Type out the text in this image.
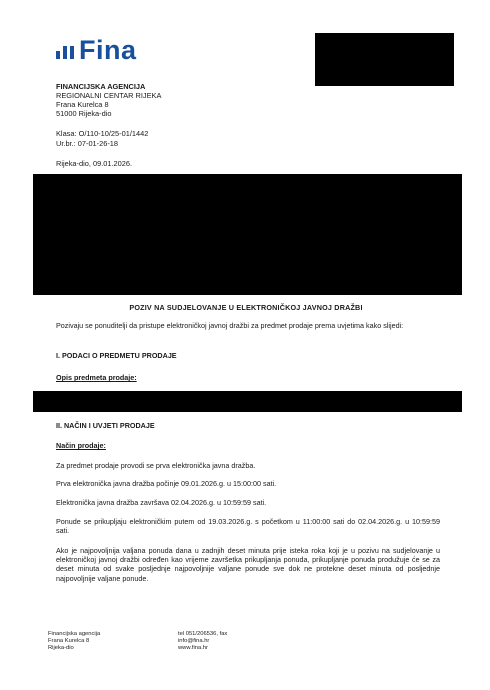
Fina
FINANCIJSKA AGENCIJA
REGIONALNI CENTAR RIJEKA
Frana Kurelca 8
51000 Rijeka-dio
Klasa: O/110-10/25-01/1442
Ur.br.: 07-01-26-18
Rijeka-dio, 09.01.2026.
POZIV NA SUDJELOVANJE U ELEKTRONIČKOJ JAVNOJ DRAŽBI
Pozivaju se ponuditelji da pristupe elektroničkoj javnoj dražbi za predmet prodaje prema uvjetima kako slijedi:
I. PODACI O PREDMETU PRODAJE
Opis predmeta prodaje:
II. NAČIN I UVJETI PRODAJE
Način prodaje:
Za predmet prodaje provodi se prva elektronička javna dražba.
Prva elektronička javna dražba počinje 09.01.2026.g. u 15:00:00 sati.
Elektronička javna dražba završava 02.04.2026.g. u 10:59:59 sati.
Ponude se prikupljaju elektroničkim putem od 19.03.2026.g. s početkom u 11:00:00 sati do 02.04.2026.g. u 10:59:59 sati.
Ako je najpovoljnija valjana ponuda dana u zadnjih deset minuta prije isteka roka koji je u pozivu na sudjelovanje u elektroničkoj javnoj dražbi određen kao vrijeme završetka prikupljanja ponuda, prikupljanje ponuda produžuje će se za deset minuta od svake posljednje najpovoljnije valjane ponude sve dok ne protekne deset minuta od posljednje najpovoljnije valjane ponude.
Financijska agencija
Frana Kurelca 8
Rijeka-dio
tel 051/206536, fax
info@fina.hr
www.fina.hr
